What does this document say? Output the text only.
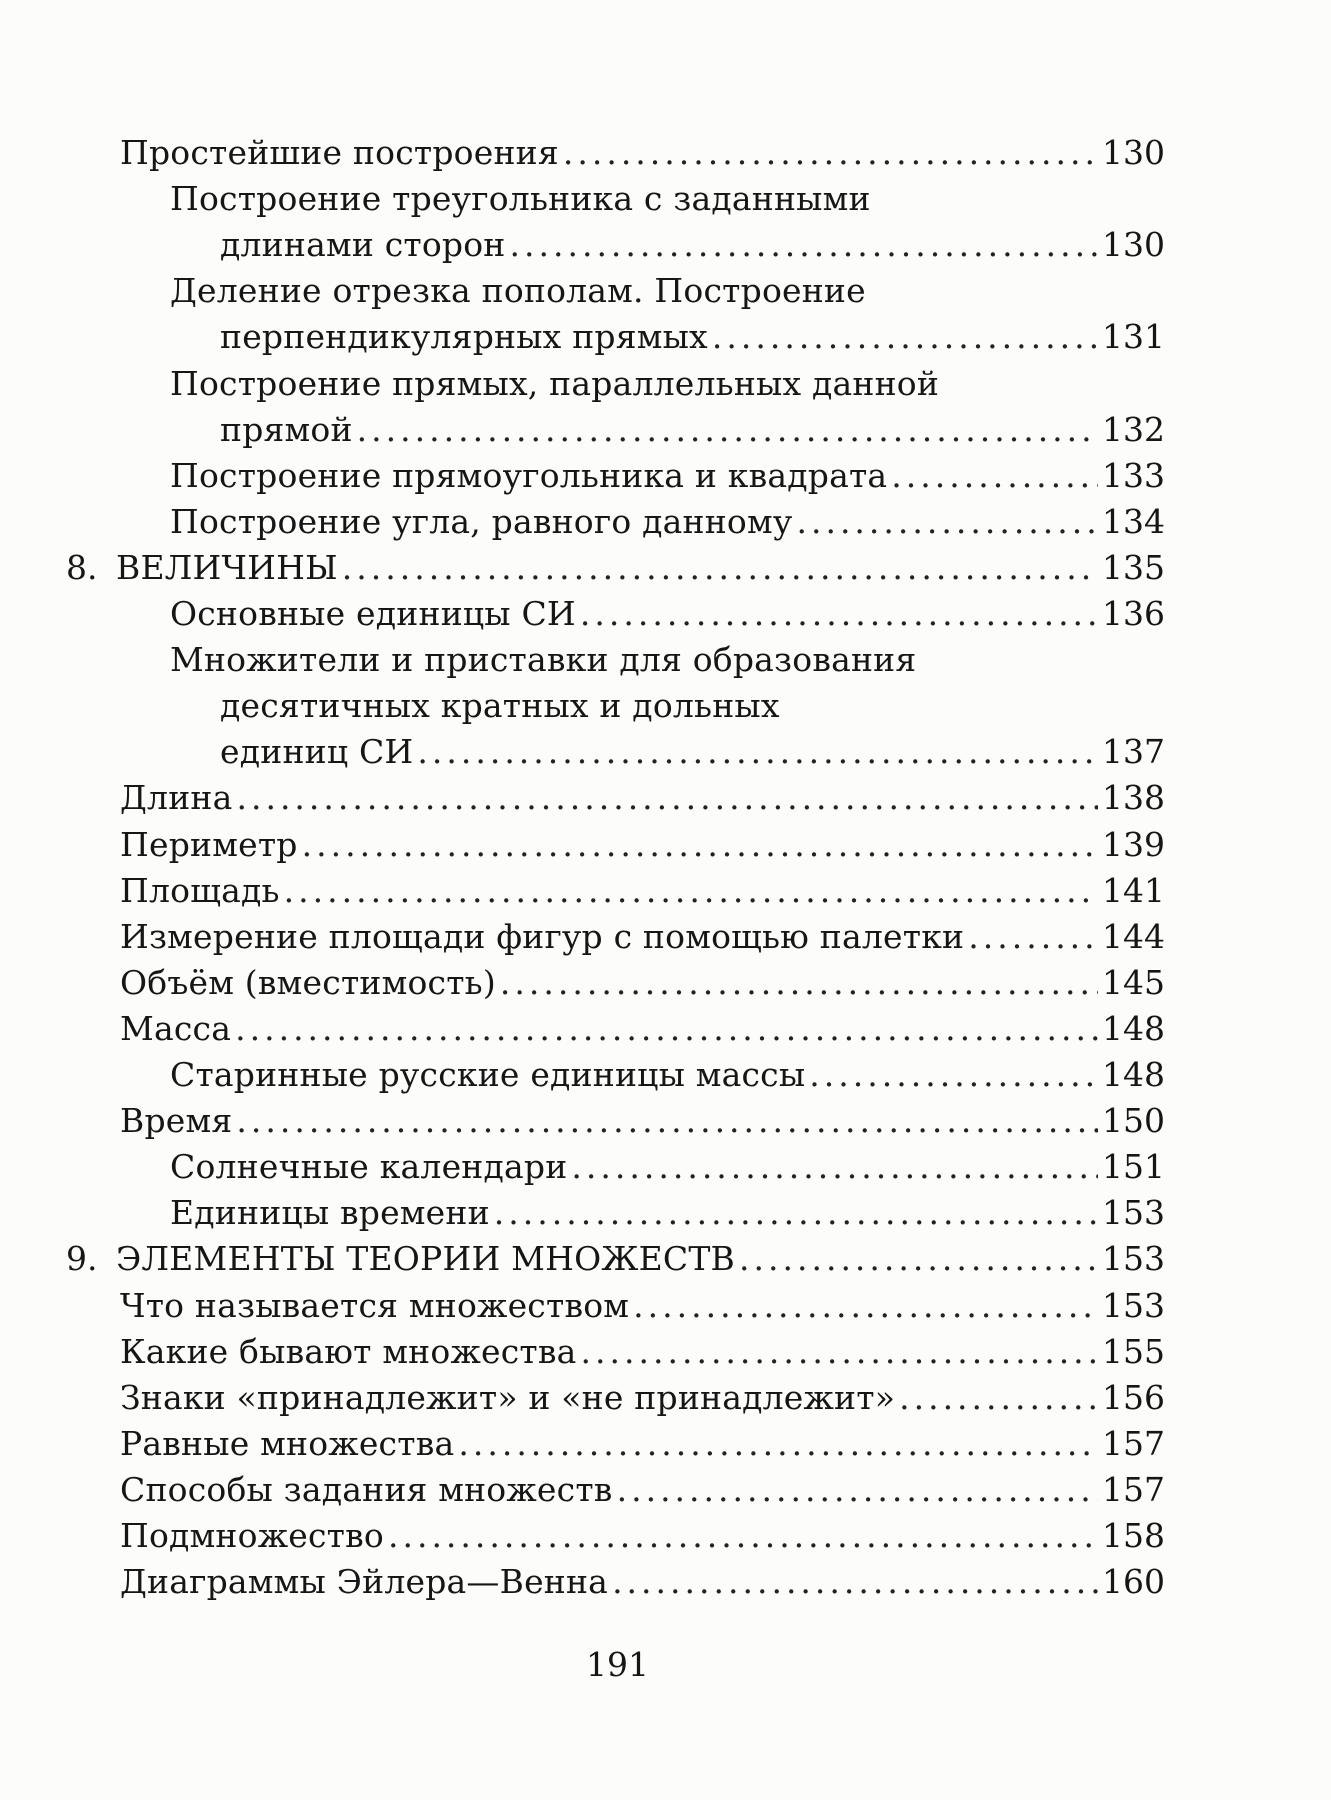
Простейшие построения .....	130
Построение треугольника с заданными
длинами сторон .....	130
Деление отрезка пополам. Построение
перпендикулярных прямых .....	131
Построение прямых, параллельных данной
прямой .....	132
Построение прямоугольника и квадрата .....	133
Построение угла, равного данному .....	134
8. ВЕЛИЧИНЫ .....	135
Основные единицы СИ .....	136
Множители и приставки для образования
десятичных кратных и дольных
единиц СИ .....	137
Длина .....	138
Периметр .....	139
Площадь .....	141
Измерение площади фигур с помощью палетки .....	144
Объём (вместимость) .....	145
Масса .....	148
Старинные русские единицы массы .....	148
Время .....	150
Солнечные календари .....	151
Единицы времени .....	153
9. ЭЛЕМЕНТЫ ТЕОРИИ МНОЖЕСТВ .....	153
Что называется множеством .....	153
Какие бывают множества .....	155
Знаки «принадлежит» и «не принадлежит» .....	156
Равные множества .....	157
Способы задания множеств .....	157
Подмножество .....	158
Диаграммы Эйлера—Венна .....	160
191
